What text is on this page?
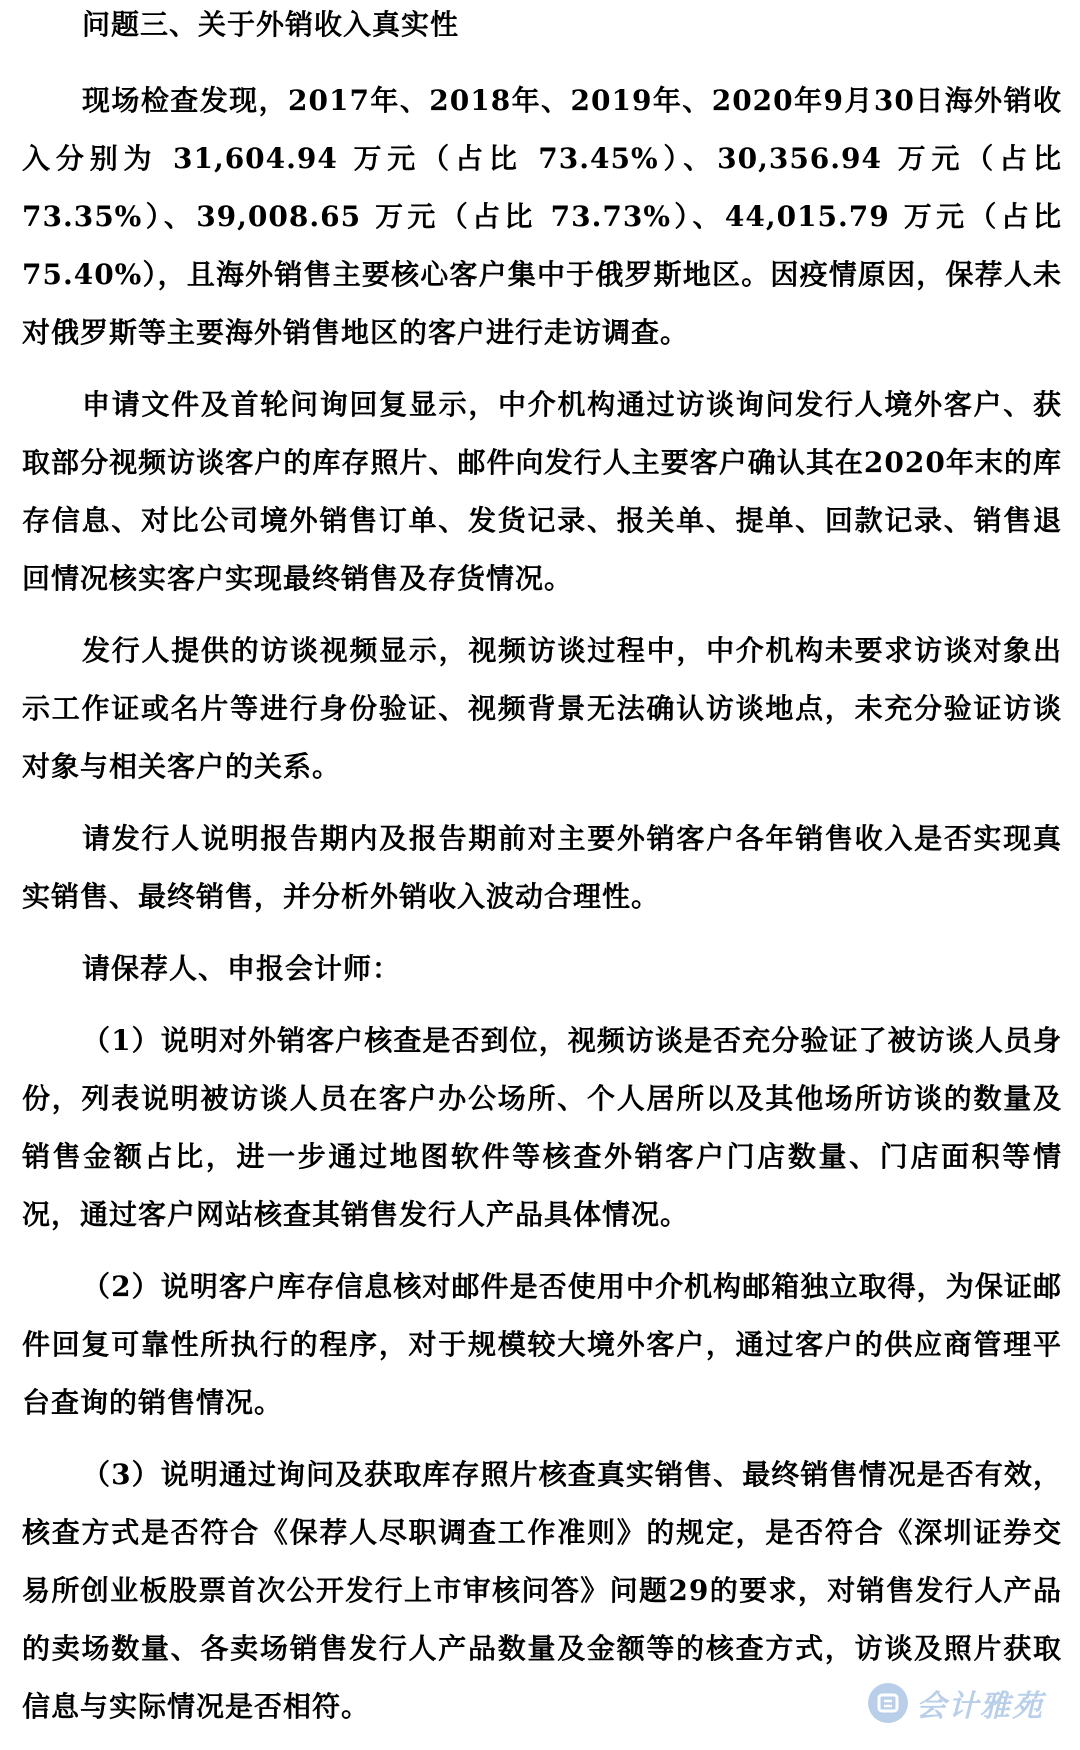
问题三、关于外销收入真实性

现场检查发现，2017年、2018年、2019年、2020年9月30日海外销收入分别为 31,604.94 万元（占比 73.45%）、30,356.94 万元（占比 73.35%）、39,008.65 万元（占比 73.73%）、44,015.79 万元（占比 75.40%），且海外销售主要核心客户集中于俄罗斯地区。因疫情原因，保荐人未对俄罗斯等主要海外销售地区的客户进行走访调查。

申请文件及首轮问询回复显示，中介机构通过访谈询问发行人境外客户、获取部分视频访谈客户的库存照片、邮件向发行人主要客户确认其在2020年末的库存信息、对比公司境外销售订单、发货记录、报关单、提单、回款记录、销售退回情况核实客户实现最终销售及存货情况。

发行人提供的访谈视频显示，视频访谈过程中，中介机构未要求访谈对象出示工作证或名片等进行身份验证、视频背景无法确认访谈地点，未充分验证访谈对象与相关客户的关系。

请发行人说明报告期内及报告期前对主要外销客户各年销售收入是否实现真实销售、最终销售，并分析外销收入波动合理性。

请保荐人、申报会计师：

（1）说明对外销客户核查是否到位，视频访谈是否充分验证了被访谈人员身份，列表说明被访谈人员在客户办公场所、个人居所以及其他场所访谈的数量及销售金额占比，进一步通过地图软件等核查外销客户门店数量、门店面积等情况，通过客户网站核查其销售发行人产品具体情况。

（2）说明客户库存信息核对邮件是否使用中介机构邮箱独立取得，为保证邮件回复可靠性所执行的程序，对于规模较大境外客户，通过客户的供应商管理平台查询的销售情况。

（3）说明通过询问及获取库存照片核查真实销售、最终销售情况是否有效，核查方式是否符合《保荐人尽职调查工作准则》的规定，是否符合《深圳证券交易所创业板股票首次公开发行上市审核问答》问题29的要求，对销售发行人产品的卖场数量、各卖场销售发行人产品数量及金额等的核查方式，访谈及照片获取信息与实际情况是否相符。	会计雅苑
